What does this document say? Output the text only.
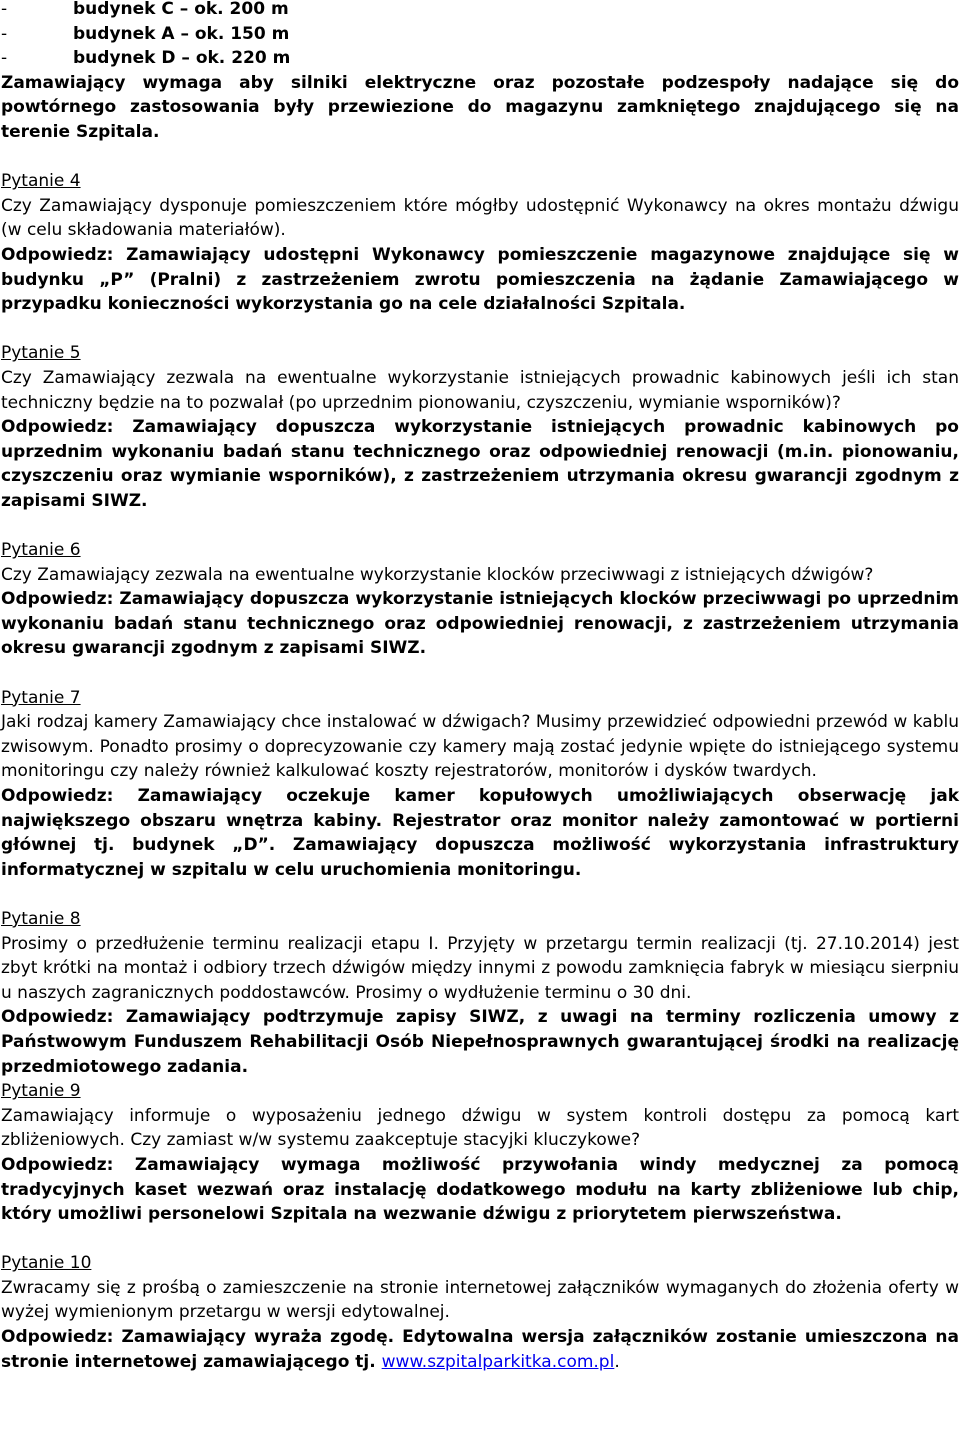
-	budynek C – ok. 200 m
-	budynek A – ok. 150 m
-	budynek D – ok. 220 m

Zamawiający wymaga aby silniki elektryczne oraz pozostałe podzespoły nadające się do powtórnego zastosowania były przewiezione do magazynu zamkniętego znajdującego się na terenie Szpitala.

Pytanie 4

Czy Zamawiający dysponuje pomieszczeniem które mógłby udostępnić Wykonawcy na okres montażu dźwigu (w celu składowania materiałów).

Odpowiedz: Zamawiający udostępni Wykonawcy pomieszczenie magazynowe znajdujące się w budynku „P” (Pralni) z zastrzeżeniem zwrotu pomieszczenia na żądanie Zamawiającego w przypadku konieczności wykorzystania go na cele działalności Szpitala.

Pytanie 5

Czy Zamawiający zezwala na ewentualne wykorzystanie istniejących prowadnic kabinowych jeśli ich stan techniczny będzie na to pozwalał (po uprzednim pionowaniu, czyszczeniu, wymianie wsporników)?

Odpowiedz: Zamawiający dopuszcza wykorzystanie istniejących prowadnic kabinowych po uprzednim wykonaniu badań stanu technicznego oraz odpowiedniej renowacji (m.in. pionowaniu, czyszczeniu oraz wymianie wsporników), z zastrzeżeniem utrzymania okresu gwarancji zgodnym z zapisami SIWZ.

Pytanie 6

Czy Zamawiający zezwala na ewentualne wykorzystanie klocków przeciwwagi z istniejących dźwigów?

Odpowiedz: Zamawiający dopuszcza wykorzystanie istniejących klocków przeciwwagi po uprzednim wykonaniu badań stanu technicznego oraz odpowiedniej renowacji, z zastrzeżeniem utrzymania okresu gwarancji zgodnym z zapisami SIWZ.

Pytanie 7

Jaki rodzaj kamery Zamawiający chce instalować w dźwigach? Musimy przewidzieć odpowiedni przewód w kablu zwisowym. Ponadto prosimy o doprecyzowanie czy kamery mają zostać jedynie wpięte do istniejącego systemu monitoringu czy należy również kalkulować koszty rejestratorów, monitorów i dysków twardych.

Odpowiedz: Zamawiający oczekuje kamer kopułowych umożliwiających obserwację jak największego obszaru wnętrza kabiny. Rejestrator oraz monitor należy zamontować w portierni głównej tj. budynek „D”. Zamawiający dopuszcza możliwość wykorzystania infrastruktury informatycznej w szpitalu w celu uruchomienia monitoringu.

Pytanie 8

Prosimy o przedłużenie terminu realizacji etapu I. Przyjęty w przetargu termin realizacji (tj. 27.10.2014) jest zbyt krótki na montaż i odbiory trzech dźwigów między innymi z powodu zamknięcia fabryk w miesiącu sierpniu u naszych zagranicznych poddostawców. Prosimy o wydłużenie terminu o 30 dni.

Odpowiedz: Zamawiający podtrzymuje zapisy SIWZ, z uwagi na terminy rozliczenia umowy z Państwowym Funduszem Rehabilitacji Osób Niepełnosprawnych gwarantującej środki na realizację przedmiotowego zadania.

Pytanie 9

Zamawiający informuje o wyposażeniu jednego dźwigu w system kontroli dostępu za pomocą kart zbliżeniowych. Czy zamiast w/w systemu zaakceptuje stacyjki kluczykowe?

Odpowiedz: Zamawiający wymaga możliwość przywołania windy medycznej za pomocą tradycyjnych kaset wezwań oraz instalację dodatkowego modułu na karty zbliżeniowe lub chip, który umożliwi personelowi Szpitala na wezwanie dźwigu z priorytetem pierwszeństwa.

Pytanie 10

Zwracamy się z prośbą o zamieszczenie na stronie internetowej załączników wymaganych do złożenia oferty w wyżej wymienionym przetargu w wersji edytowalnej.

Odpowiedz: Zamawiający wyraża zgodę. Edytowalna wersja załączników zostanie umieszczona na stronie internetowej zamawiającego tj. www.szpitalparkitka.com.pl.
